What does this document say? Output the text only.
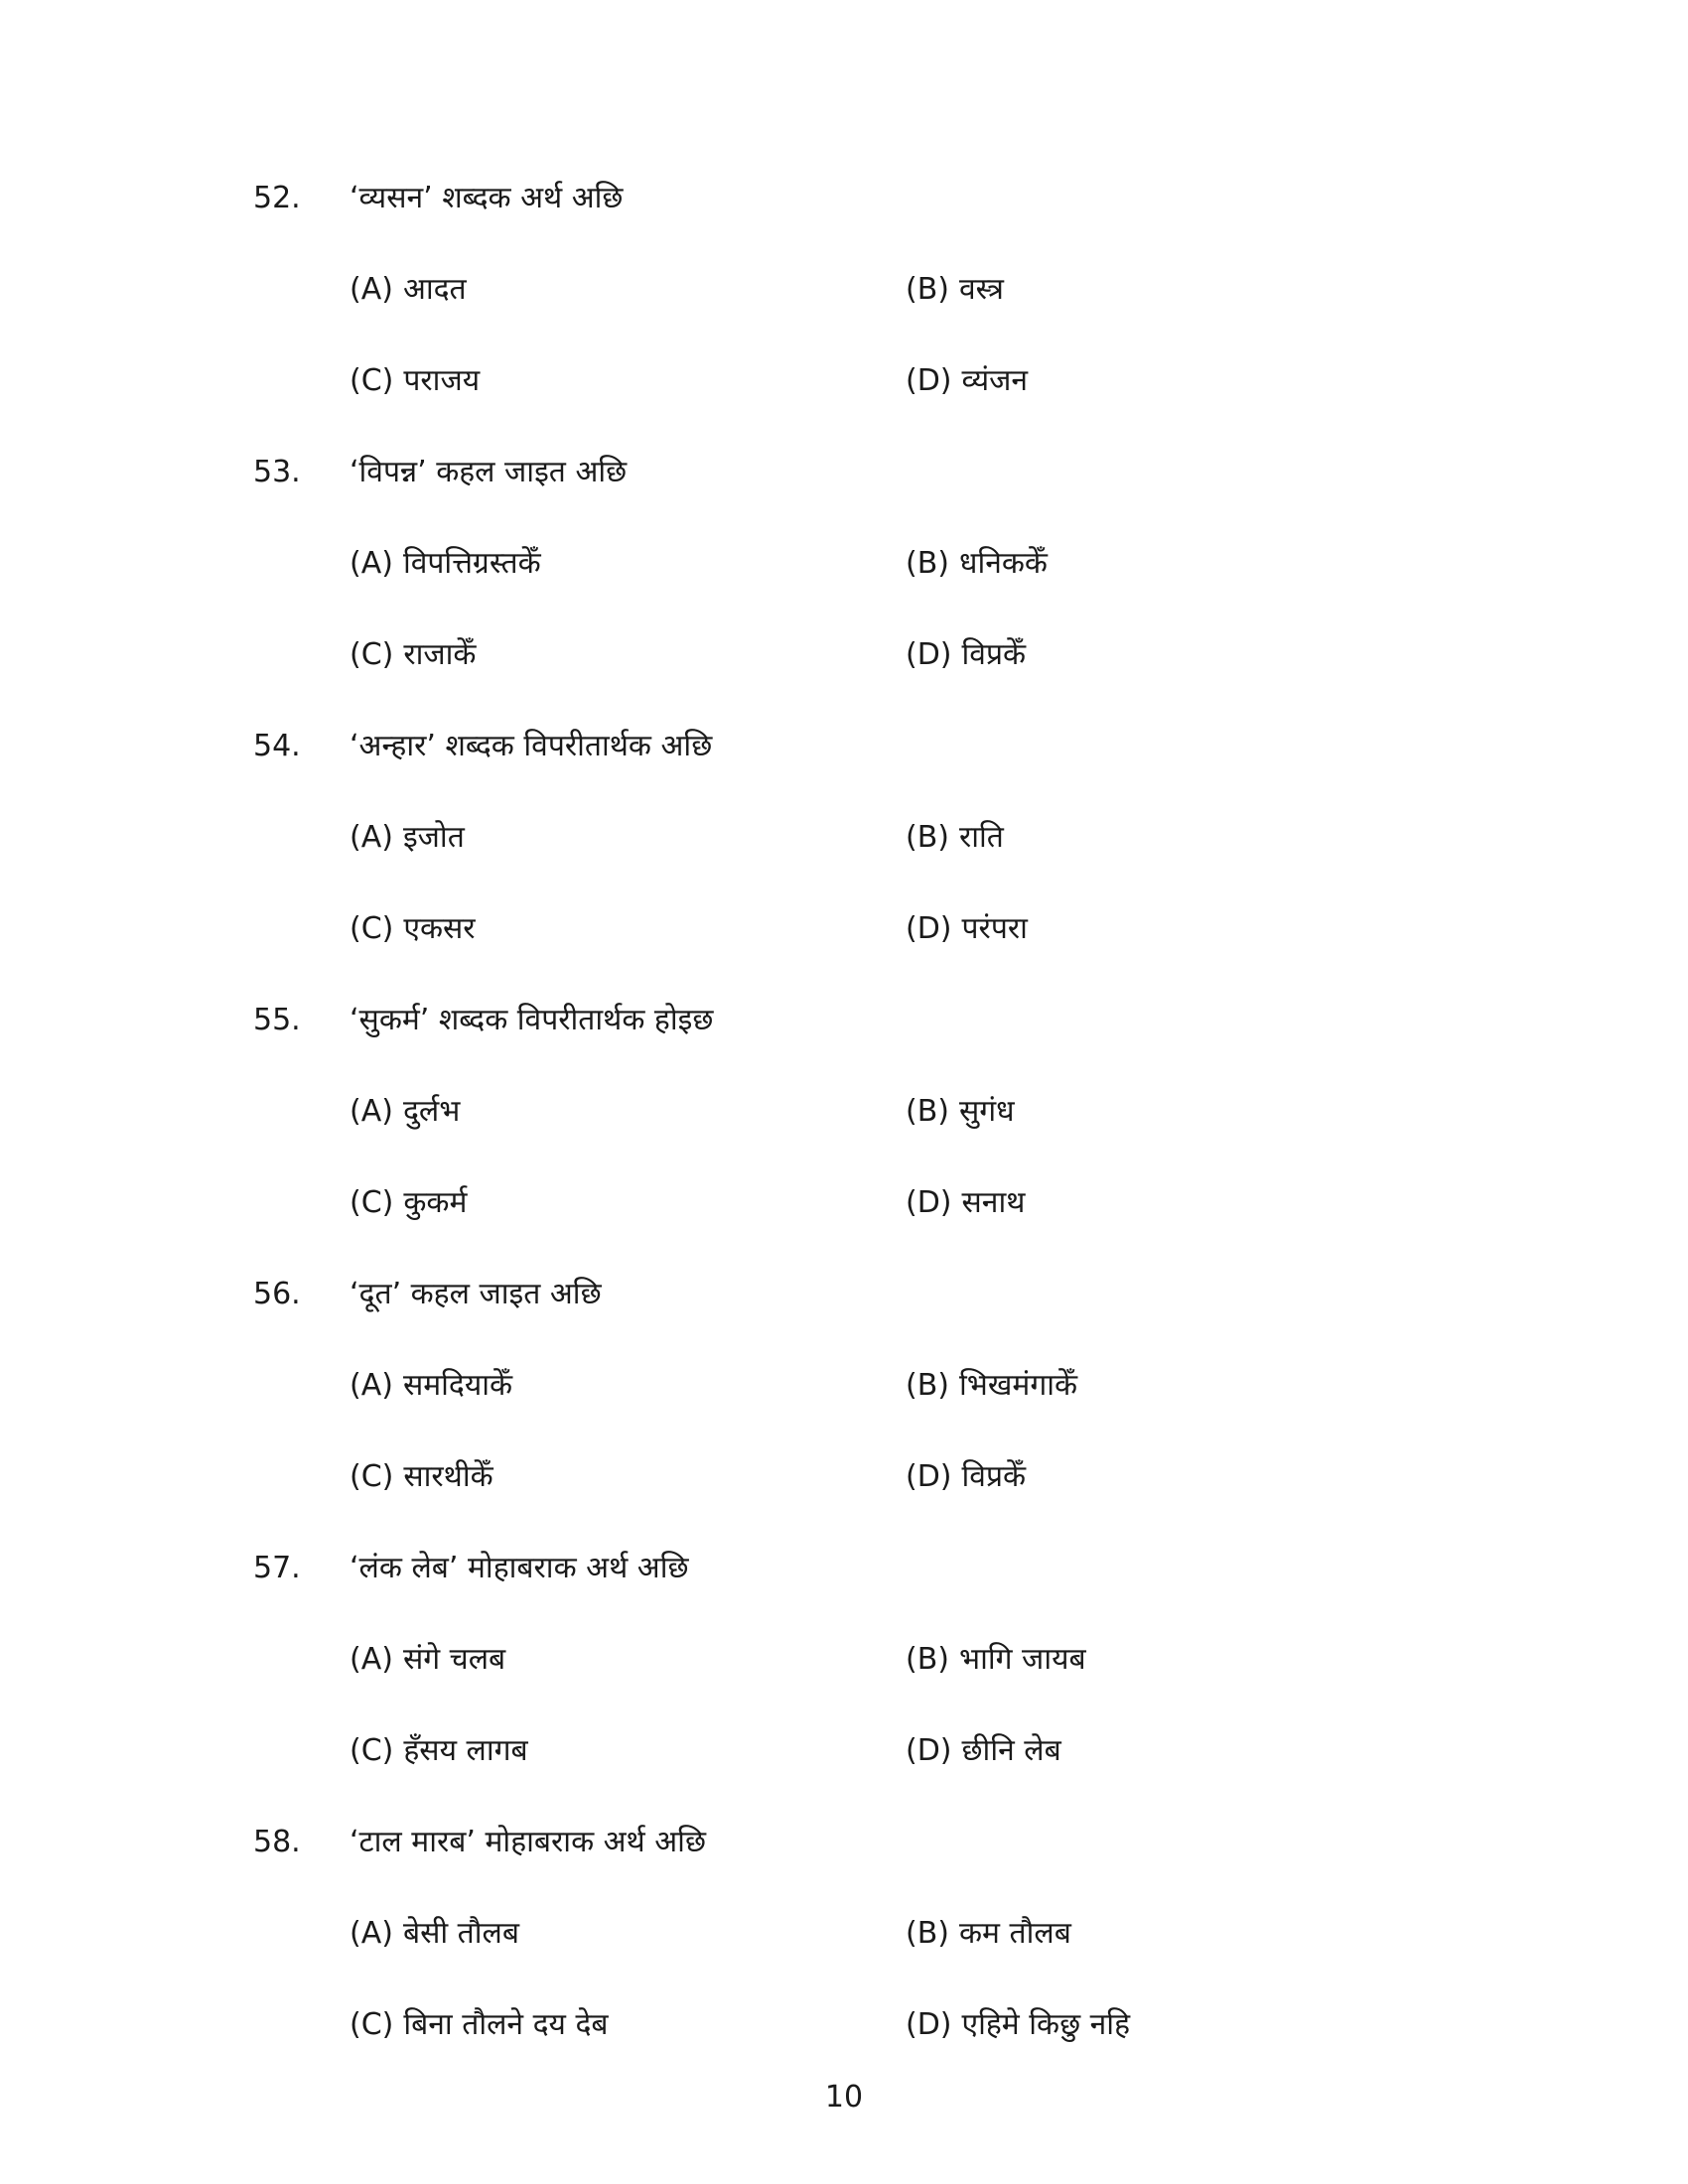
52.	‘व्यसन’ शब्दक अर्थ अछि
(A) आदत	(B) वस्त्र
(C) पराजय	(D) व्यंजन
53.	‘विपन्न’ कहल जाइत अछि
(A) विपत्तिग्रस्तकेँ	(B) धनिककेँ
(C) राजाकेँ	(D) विप्रकेँ
54.	‘अन्हार’ शब्दक विपरीतार्थक अछि
(A) इजोत	(B) राति
(C) एकसर	(D) परंपरा
55.	‘सुकर्म’ शब्दक विपरीतार्थक होइछ
(A) दुर्लभ	(B) सुगंध
(C) कुकर्म	(D) सनाथ
56.	‘दूत’ कहल जाइत अछि
(A) समदियाकेँ	(B) भिखमंगाकेँ
(C) सारथीकेँ	(D) विप्रकेँ
57.	‘लंक लेब’ मोहाबराक अर्थ अछि
(A) संगे चलब	(B) भागि जायब
(C) हँसय लागब	(D) छीनि लेब
58.	‘टाल मारब’ मोहाबराक अर्थ अछि
(A) बेसी तौलब	(B) कम तौलब
(C) बिना तौलने दय देब	(D) एहिमे किछु नहि
10
